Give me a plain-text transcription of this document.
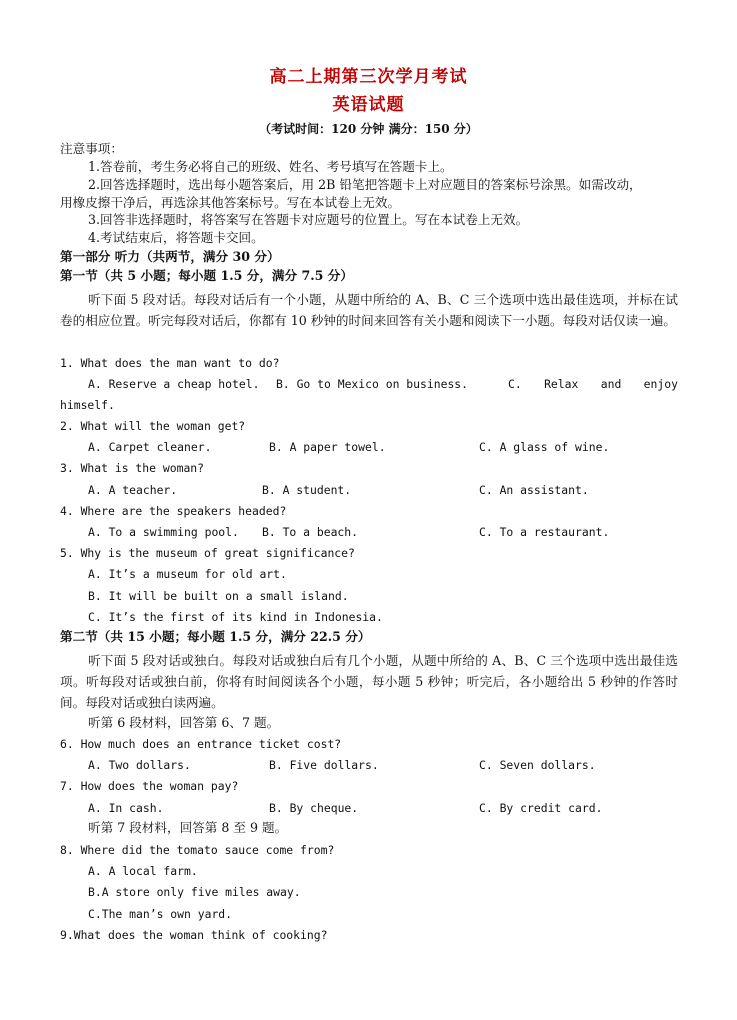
高二上期第三次学月考试
英语试题
（考试时间：120 分钟 满分：150 分）
注意事项：
1.答卷前，考生务必将自己的班级、姓名、考号填写在答题卡上。
2.回答选择题时，选出每小题答案后，用 2B 铅笔把答题卡上对应题目的答案标号涂黑。如需改动，
用橡皮擦干净后，再选涂其他答案标号。写在本试卷上无效。
3.回答非选择题时，将答案写在答题卡对应题号的位置上。写在本试卷上无效。
4.考试结束后，将答题卡交回。
第一部分 听力（共两节，满分 30 分）
第一节（共 5 小题；每小题 1.5 分，满分 7.5 分）
听下面 5 段对话。每段对话后有一个小题，从题中所给的 A、B、C 三个选项中选出最佳选项，并标在试卷的相应位置。听完每段对话后，你都有 10 秒钟的时间来回答有关小题和阅读下一小题。每段对话仅读一遍。
1. What does the man want to do?
A. Reserve a cheap hotel. B. Go to Mexico on business.	C. Relax and enjoy
himself.
2. What will the woman get?
A. Carpet cleaner.	B. A paper towel.	C. A glass of wine.
3. What is the woman?
A. A teacher.	B. A student.	C. An assistant.
4. Where are the speakers headed?
A. To a swimming pool. B. To a beach.	C. To a restaurant.
5. Why is the museum of great significance?
A. It’s a museum for old art.
B. It will be built on a small island.
C. It’s the first of its kind in Indonesia.
第二节（共 15 小题；每小题 1.5 分，满分 22.5 分）
听下面 5 段对话或独白。每段对话或独白后有几个小题，从题中所给的 A、B、C 三个选项中选出最佳选项。听每段对话或独白前，你将有时间阅读各个小题，每小题 5 秒钟；听完后，各小题给出 5 秒钟的作答时间。每段对话或独白读两遍。
听第 6 段材料，回答第 6、7 题。
6. How much does an entrance ticket cost?
A. Two dollars.	B. Five dollars.	C. Seven dollars.
7. How does the woman pay?
A. In cash.	B. By cheque.	C. By credit card.
听第 7 段材料，回答第 8 至 9 题。
8. Where did the tomato sauce come from?
A. A local farm.
B.A store only five miles away.
C.The man’s own yard.
9.What does the woman think of cooking?
